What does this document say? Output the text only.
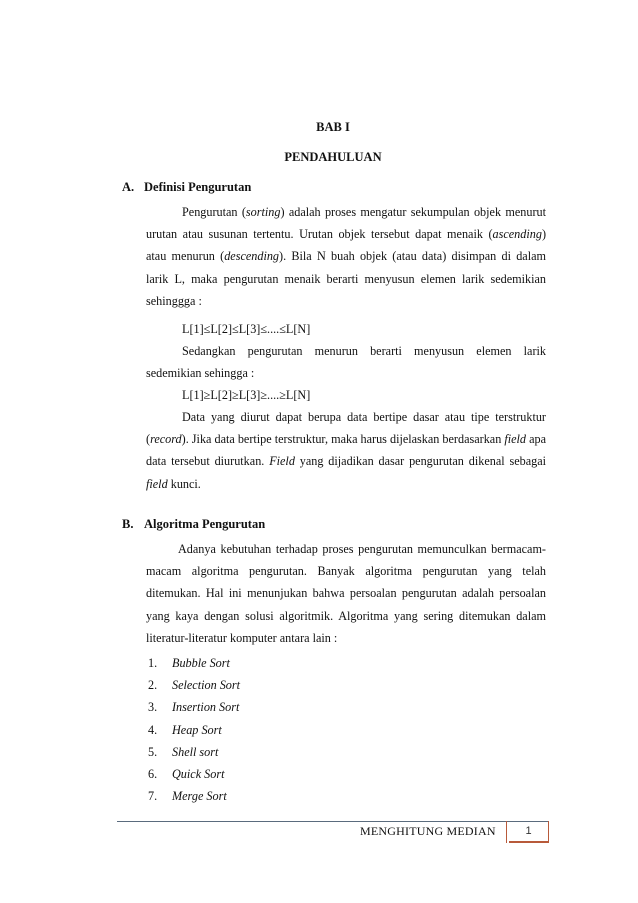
BAB I
PENDAHULUAN
A. Definisi Pengurutan

Pengurutan (sorting) adalah proses mengatur sekumpulan objek menurut urutan atau susunan tertentu. Urutan objek tersebut dapat menaik (ascending) atau menurun (descending). Bila N buah objek (atau data) disimpan di dalam larik L, maka pengurutan menaik berarti menyusun elemen larik sedemikian sehinggga :

L[1]≤L[2]≤L[3]≤....≤L[N]

Sedangkan pengurutan menurun berarti menyusun elemen larik sedemikian sehingga :

L[1]≥L[2]≥L[3]≥....≥L[N]

Data yang diurut dapat berupa data bertipe dasar atau tipe terstruktur (record). Jika data bertipe terstruktur, maka harus dijelaskan berdasarkan field apa data tersebut diurutkan. Field yang dijadikan dasar pengurutan dikenal sebagai field kunci.

B. Algoritma Pengurutan

Adanya kebutuhan terhadap proses pengurutan memunculkan bermacam-macam algoritma pengurutan. Banyak algoritma pengurutan yang telah ditemukan. Hal ini menunjukan bahwa persoalan pengurutan adalah persoalan yang kaya dengan solusi algoritmik. Algoritma yang sering ditemukan dalam literatur-literatur komputer antara lain :

1. Bubble Sort
2. Selection Sort
3. Insertion Sort
4. Heap Sort
5. Shell sort
6. Quick Sort
7. Merge Sort
MENGHITUNG MEDIAN	1
